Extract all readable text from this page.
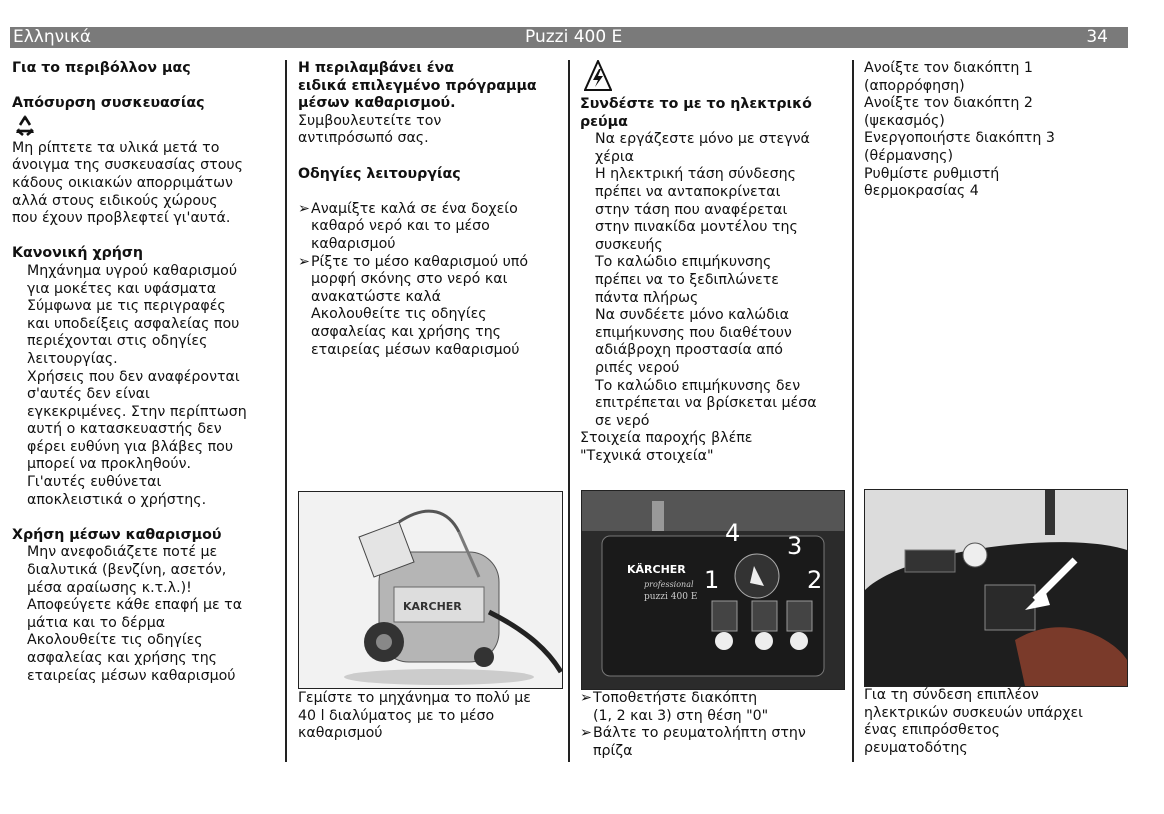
Ελληνικά	Puzzi 400 E	34

Για το περιβόλλον μας

Απόσυρση συσκευασίας

Μη ρίπτετε τα υλικά μετά το

άνοιγμα της συσκευασίας στους

κάδους οικιακών απορριμάτων

αλλά στους ειδικούς χώρους

που έχουν προβλεφτεί γι'αυτά.

Κανονική χρήση

Μηχάνημα υγρού καθαρισμού

για μοκέτες και υφάσματα

Σύμφωνα με τις περιγραφές

και υποδείξεις ασφαλείας που

περιέχονται στις οδηγίες

λειτουργίας.

Χρήσεις που δεν αναφέρονται

σ'αυτές δεν είναι

εγκεκριμένες. Στην περίπτωση

αυτή ο κατασκευαστής δεν

φέρει ευθύνη για βλάβες που

μπορεί να προκληθούν.

Γι'αυτές ευθύνεται

αποκλειστικά ο χρήστης.

Χρήση μέσων καθαρισμού

Μην ανεφοδιάζετε ποτέ με

διαλυτικά (βενζίνη, ασετόν,

μέσα αραίωσης κ.τ.λ.)!

Αποφεύγετε κάθε επαφή με τα

μάτια και το δέρμα

Ακολουθείτε τις οδηγίες

ασφαλείας και χρήσης της

εταιρείας μέσων καθαρισμού

Η περιλαμβάνει ένα

ειδικά επιλεγμένο πρόγραμμα

μέσων καθαρισμού.

Συμβουλευτείτε τον

αντιπρόσωπό σας.

Οδηγίες λειτουργίας

➢ Αναμίξτε καλά σε ένα δοχείο

καθαρό νερό και το μέσο

καθαρισμού

➢ Ρίξτε το μέσο καθαρισμού υπό

μορφή σκόνης στο νερό και

ανακατώστε καλά

Ακολουθείτε τις οδηγίες

ασφαλείας και χρήσης της

εταιρείας μέσων καθαρισμού

KARCHER

Γεμίστε το μηχάνημα το πολύ με

40 l διαλύματος με το μέσο

καθαρισμού

Συνδέστε το με το ηλεκτρικό

ρεύμα

Να εργάζεστε μόνο με στεγνά

χέρια

Η ηλεκτρική τάση σύνδεσης

πρέπει να ανταποκρίνεται

στην τάση που αναφέρεται

στην πινακίδα μοντέλου της

συσκευής

Το καλώδιο επιμήκυνσης

πρέπει να το ξεδιπλώνετε

πάντα πλήρως

Να συνδέετε μόνο καλώδια

επιμήκυνσης που διαθέτουν

αδιάβροχη προστασία από

ριπές νερού

Το καλώδιο επιμήκυνσης δεν

επιτρέπεται να βρίσκεται μέσα

σε νερό

Στοιχεία παροχής βλέπε

"Τεχνικά στοιχεία"

KÄRCHER
professional
puzzi 400 E
1	2
3
4
➢ Τοποθετήστε διακόπτη

(1, 2 και 3) στη θέση "0"

➢ Βάλτε το ρευματολήπτη στην

πρίζα

Ανοίξτε τον διακόπτη 1

(απορρόφηση)

Ανοίξτε τον διακόπτη 2

(ψεκασμός)

Ενεργοποιήστε διακόπτη 3

(θέρμανσης)

Ρυθμίστε ρυθμιστή

θερμοκρασίας 4

Για τη σύνδεση επιπλέον

ηλεκτρικών συσκευών υπάρχει

ένας επιπρόσθετος

ρευματοδότης
